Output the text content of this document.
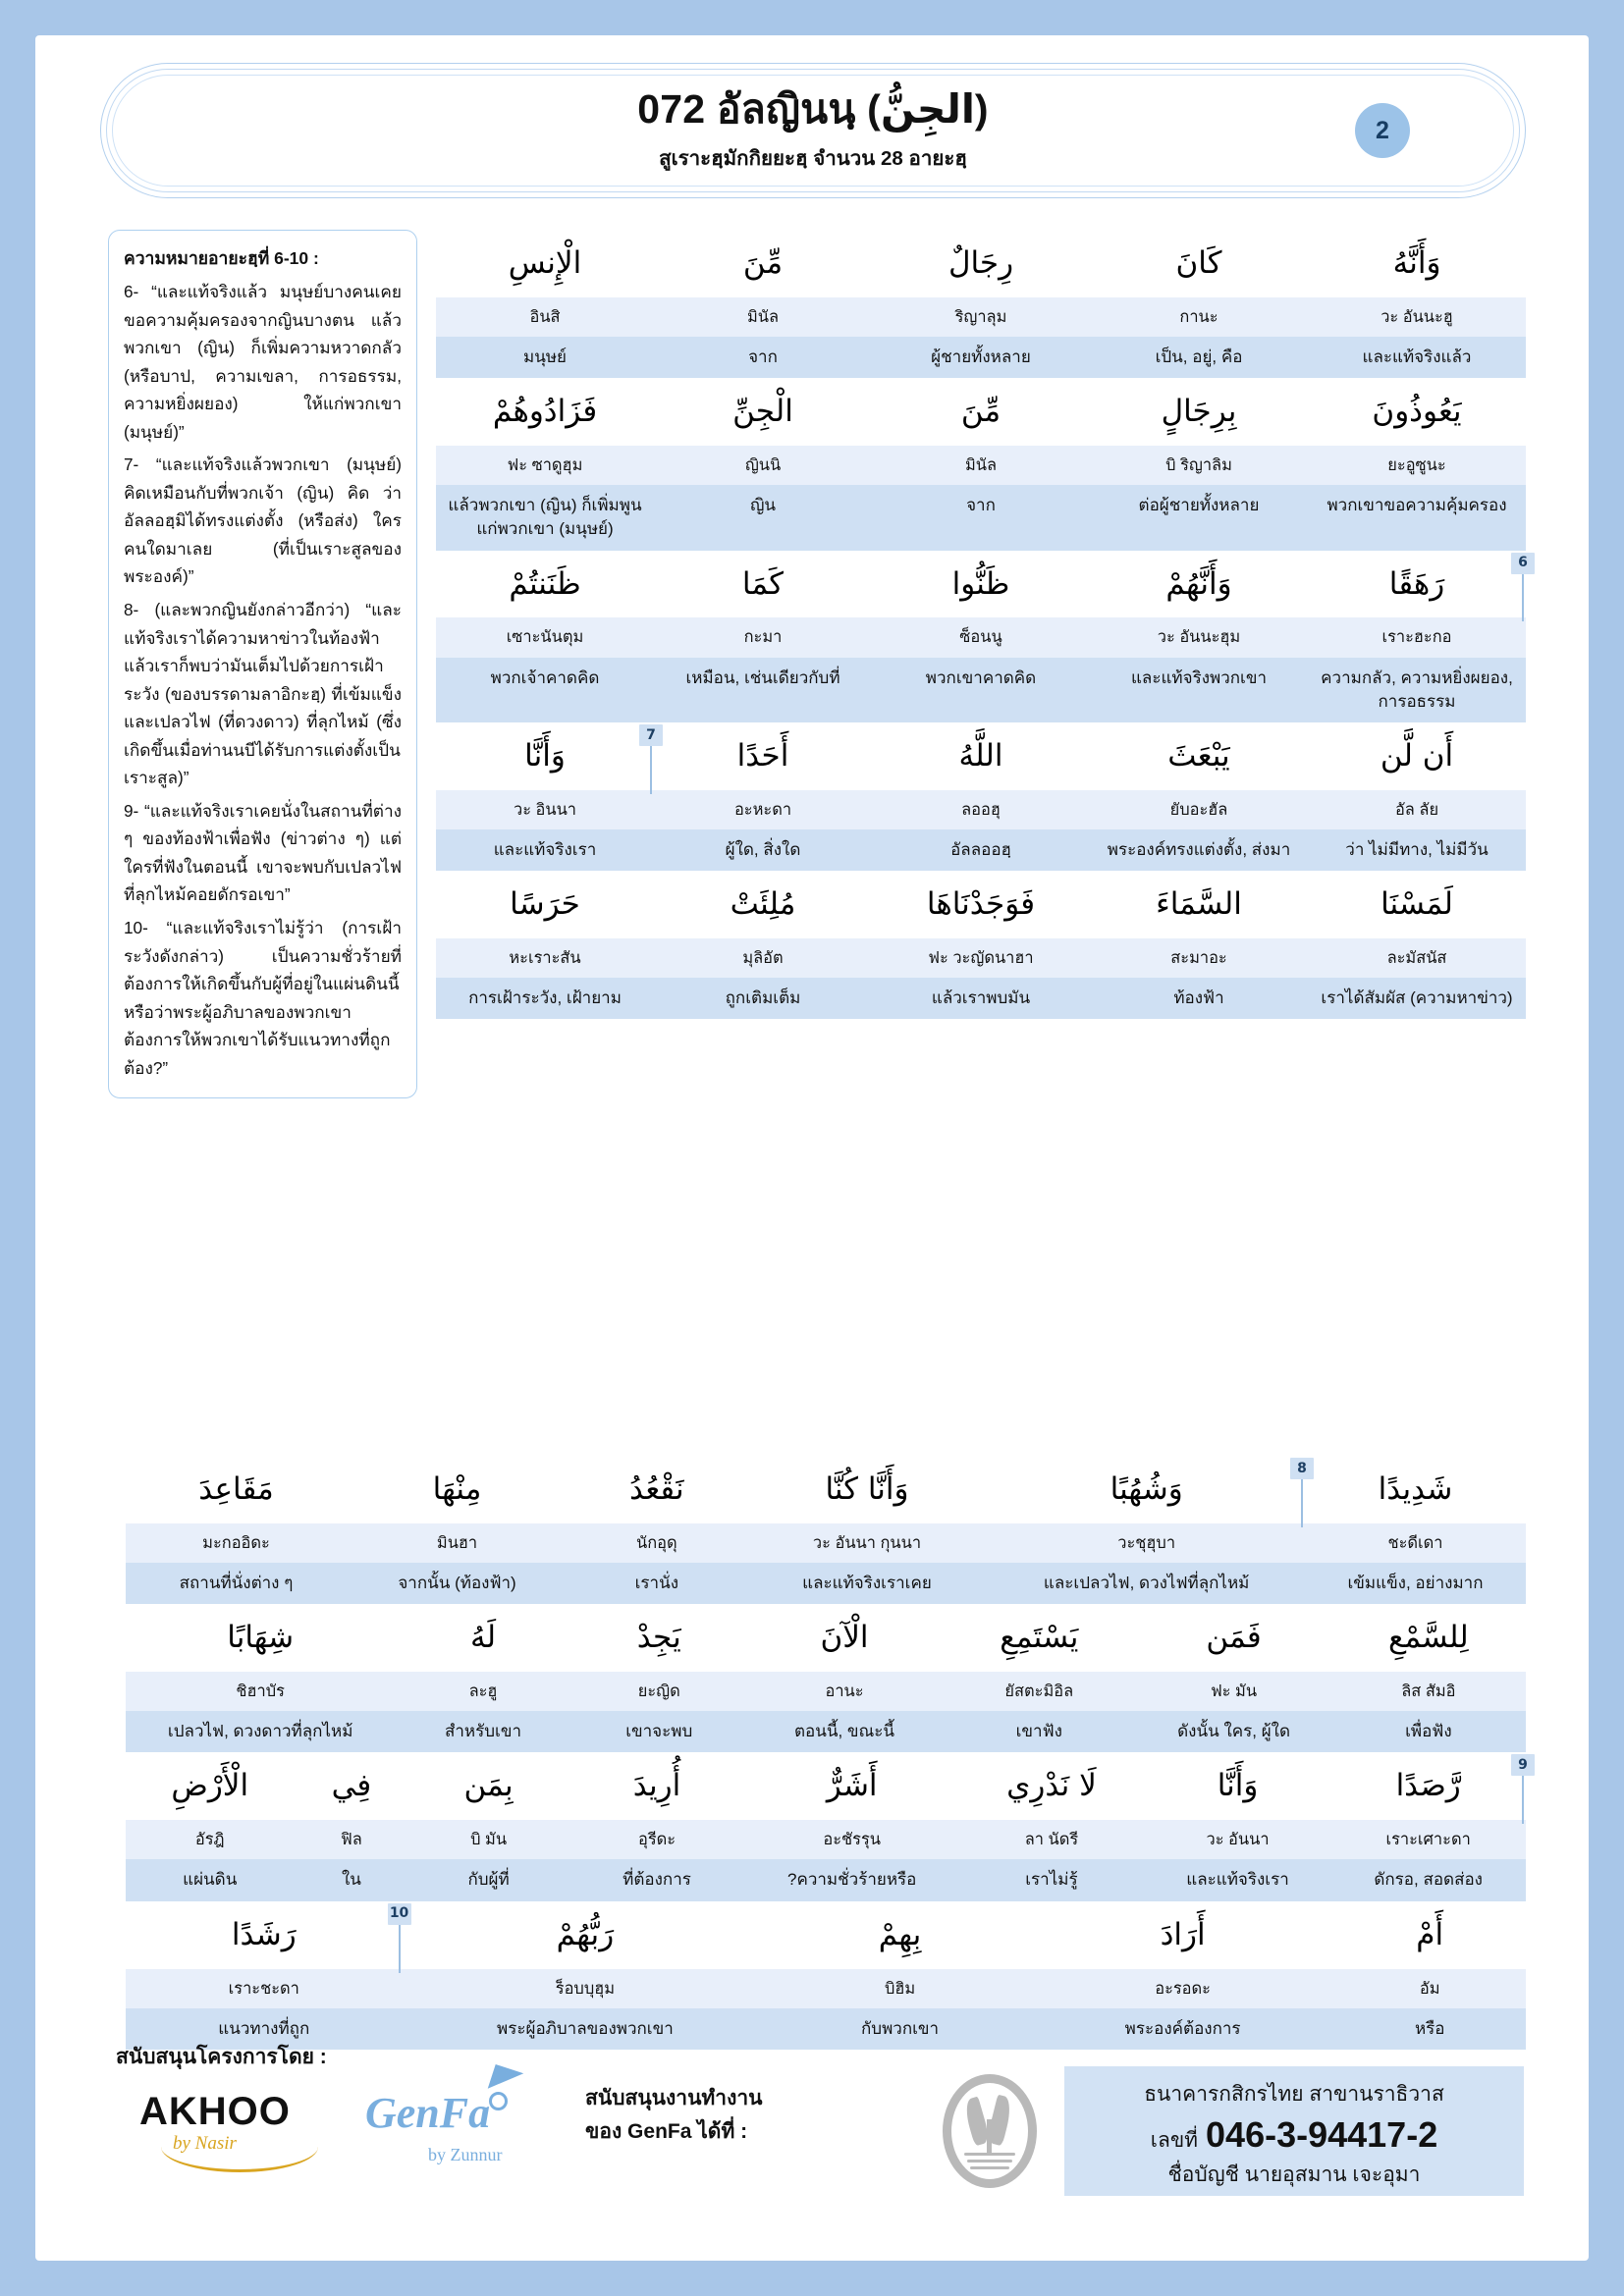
072 อัลญินนฺ (الجِنُّ)
สูเราะฮฺมักกิยยะฮฺ จำนวน 28 อายะฮฺ
2
ความหมายอายะฮฺที่ 6-10 :
6- “และแท้จริงแล้ว มนุษย์บางคนเคยขอความคุ้มครองจากญินบางตน แล้วพวกเขา (ญิน) ก็เพิ่มความหวาดกลัว (หรือบาป, ความเขลา, การอธรรม, ความหยิ่งผยอง) ให้แก่พวกเขา (มนุษย์)”
7- “และแท้จริงแล้วพวกเขา (มนุษย์) คิดเหมือนกับที่พวกเจ้า (ญิน) คิด ว่าอัลลอฮฺมิได้ทรงแต่งตั้ง (หรือส่ง) ใครคนใดมาเลย (ที่เป็นเราะสูลของพระองค์)”
8- (และพวกญินยังกล่าวอีกว่า) “และแท้จริงเราได้ความหาข่าวในท้องฟ้า แล้วเราก็พบว่ามันเต็มไปด้วยการเฝ้าระวัง (ของบรรดามลาอิกะฮฺ) ที่เข้มแข็งและเปลวไฟ (ที่ดวงดาว) ที่ลุกไหม้ (ซึ่งเกิดขึ้นเมื่อท่านนบีได้รับการแต่งตั้งเป็นเราะสูล)”
9- “และแท้จริงเราเคยนั่งในสถานที่ต่าง ๆ ของท้องฟ้าเพื่อฟัง (ข่าวต่าง ๆ) แต่ใครที่ฟังในตอนนี้ เขาจะพบกับเปลวไฟที่ลุกไหม้คอยดักรอเขา”
10- “และแท้จริงเราไม่รู้ว่า (การเฝ้าระวังดังกล่าว) เป็นความชั่วร้ายที่ต้องการให้เกิดขึ้นกับผู้ที่อยู่ในแผ่นดินนี้ หรือว่าพระผู้อภิบาลของพวกเขาต้องการให้พวกเขาได้รับแนวทางที่ถูกต้อง?”
وَأَنَّهُ
كَانَ
رِجَالٌ
مِّنَ
الْإِنسِ
วะ อันนะฮู
กานะ
ริญาลุม
มินัล
อินสิ
และแท้จริงแล้ว
เป็น, อยู่, คือ
ผู้ชายทั้งหลาย
จาก
มนุษย์
يَعُوذُونَ
بِرِجَالٍ
مِّنَ
الْجِنِّ
فَزَادُوهُمْ
ยะอูซูนะ
บิ ริญาลิม
มินัล
ญินนิ
ฟะ ซาดูฮุม
พวกเขาขอความคุ้มครอง
ต่อผู้ชายทั้งหลาย
จาก
ญิน
แล้วพวกเขา (ญิน) ก็เพิ่มพูนแก่พวกเขา (มนุษย์)
رَهَقًا
6
وَأَنَّهُمْ
ظَنُّوا
كَمَا
ظَنَنتُمْ
เราะฮะกอ
วะ อันนะฮุม
ซ็อนนู
กะมา
เซาะนันตุม
ความกลัว, ความหยิ่งผยอง, การอธรรม
และแท้จริงพวกเขา
พวกเขาคาดคิด
เหมือน, เช่นเดียวกับที่
พวกเจ้าคาดคิด
أَن لَّن
يَبْعَثَ
اللَّهُ
أَحَدًا
وَأَنَّا
7
อัล ลัย
ยับอะฮัล
ลออฮุ
อะหะดา
วะ อินนา
ว่า ไม่มีทาง, ไม่มีวัน
พระองค์ทรงแต่งตั้ง, ส่งมา
อัลลออฮฺ
ผู้ใด, สิ่งใด
และแท้จริงเรา
لَمَسْنَا
السَّمَاءَ
فَوَجَدْنَاهَا
مُلِئَتْ
حَرَسًا
ละมัสนัส
สะมาอะ
ฟะ วะญัดนาฮา
มุลิอัต
หะเราะสัน
เราได้สัมผัส (ความหาข่าว)
ท้องฟ้า
แล้วเราพบมัน
ถูกเติมเต็ม
การเฝ้าระวัง, เฝ้ายาม
شَدِيدًا
وَشُهُبًا
8
وَأَنَّا كُنَّا
نَقْعُدُ
مِنْهَا
مَقَاعِدَ
ชะดีเดา
วะชุฮุบา
วะ อันนา กุนนา
นักอุดุ
มินฮา
มะกออิดะ
เข้มแข็ง, อย่างมาก
และเปลวไฟ, ดวงไฟที่ลุกไหม้
และแท้จริงเราเคย
เรานั่ง
จากนั้น (ท้องฟ้า)
สถานที่นั่งต่าง ๆ
لِلسَّمْعِ
فَمَن
يَسْتَمِعِ
الْآنَ
يَجِدْ
لَهُ
شِهَابًا
ลิส สัมอิ
ฟะ มัน
ยัสตะมิอิล
อานะ
ยะญิด
ละฮู
ชิฮาบัร
เพื่อฟัง
ดังนั้น ใคร, ผู้ใด
เขาฟัง
ตอนนี้, ขณะนี้
เขาจะพบ
สำหรับเขา
เปลวไฟ, ดวงดาวที่ลุกไหม้
رَّصَدًا
9
وَأَنَّا
لَا نَدْرِي
أَشَرٌّ
أُرِيدَ
بِمَن
فِي
الْأَرْضِ
เราะเศาะดา
วะ อันนา
ลา นัดรี
อะชัรรุน
อุรีดะ
บิ มัน
ฟิล
อัรฎิ
ดักรอ, สอดส่อง
และแท้จริงเรา
เราไม่รู้
ความชั่วร้ายหรือ?
ที่ต้องการ
กับผู้ที่
ใน
แผ่นดิน
أَمْ
أَرَادَ
بِهِمْ
رَبُّهُمْ
رَشَدًا
10
อัม
อะรอดะ
บิฮิม
ร็อบบุฮุม
เราะชะดา
หรือ
พระองค์ต้องการ
กับพวกเขา
พระผู้อภิบาลของพวกเขา
แนวทางที่ถูก
สนับสนุนโครงการโดย :
AKHOO
by Nasir
GenFa
by Zunnur
สนับสนุนงานทำงาน
ของ GenFa ได้ที่ :
ธนาคารกสิกรไทย สาขานราธิวาส
เลขที่ 046-3-94417-2
ชื่อบัญชี นายอุสมาน เจะอุมา
